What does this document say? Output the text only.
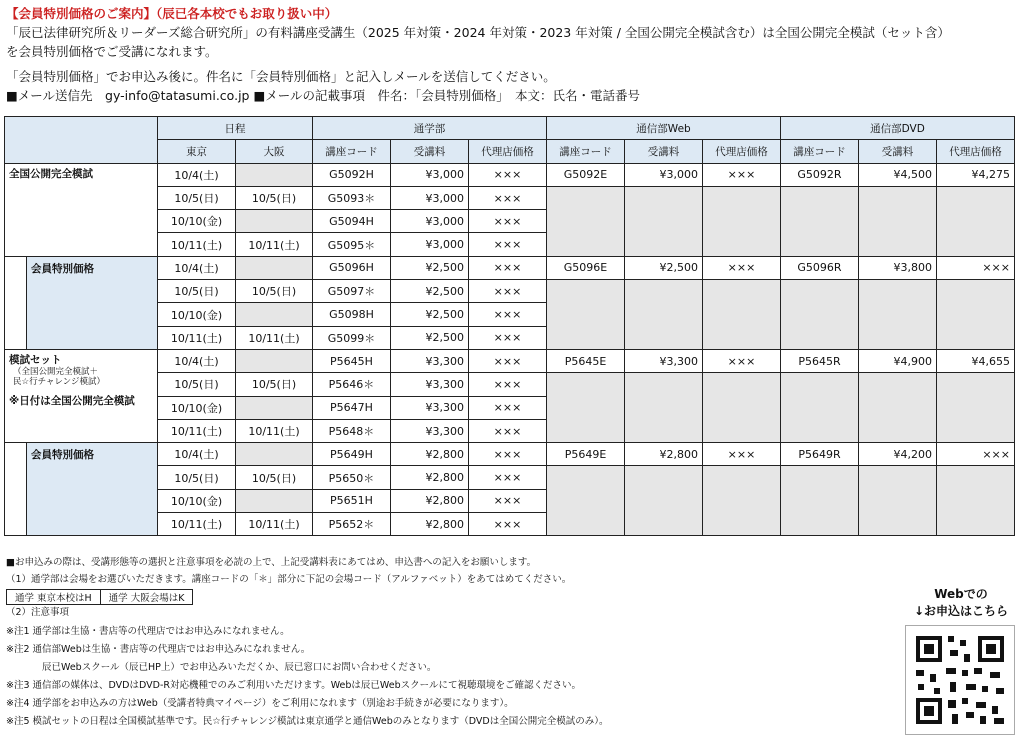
【会員特別価格のご案内】（辰已各本校でもお取り扱い中）
「辰已法律研究所＆リーダーズ総合研究所」の有料講座受講生（2025 年対策・2024 年対策・2023 年対策 / 全国公開完全模試含む）は全国公開完全模試（セット含）
を会員特別価格でご受講になれます。
「会員特別価格」でお申込み後に。件名に「会員特別価格」と記入しメールを送信してください。
■メール送信先　gy-info@tatasumi.co.jp ■メールの記載事項　件名：「会員特別価格」　本文：氏名・電話番号
		日程		通学部			通信部Web			通信部DVD		
		東京	大阪	講座コード	受講料	代理店価格	講座コード	受講料	代理店価格	講座コード	受講料	代理店価格
全国公開完全模試		10/4(土)		G5092H	¥3,000	×××	G5092E	¥3,000	×××	G5092R	¥4,500	¥4,275
		10/5(日)	10/5(日)	G5093＊	¥3,000	×××						
		10/10(金)		G5094H	¥3,000	×××						
		10/11(土)	10/11(土)	G5095＊	¥3,000	×××						
	会員特別価格	10/4(土)		G5096H	¥2,500	×××	G5096E	¥2,500	×××	G5096R	¥3,800	×××
		10/5(日)	10/5(日)	G5097＊	¥2,500	×××						
		10/10(金)		G5098H	¥2,500	×××						
		10/11(土)	10/11(土)	G5099＊	¥2,500	×××						

模試セット
（全国公開完全模試＋
民☆行チャレンジ模試）
※日付は全国公開完全模試		10/4(土)		P5645H	¥3,300	×××	P5645E	¥3,300	×××	P5645R	¥4,900	¥4,655
		10/5(日)	10/5(日)	P5646＊	¥3,300	×××						
		10/10(金)		P5647H	¥3,300	×××						
		10/11(土)	10/11(土)	P5648＊	¥3,300	×××						
	会員特別価格	10/4(土)		P5649H	¥2,800	×××	P5649E	¥2,800	×××	P5649R	¥4,200	×××
		10/5(日)	10/5(日)	P5650＊	¥2,800	×××						
		10/10(金)		P5651H	¥2,800	×××						
		10/11(土)	10/11(土)	P5652＊	¥2,800	×××						
■お申込みの際は、受講形態等の選択と注意事項を必読の上で、上記受講料表にあてはめ、申込書への記入をお願いします。
（1）通学部は会場をお選びいただきます。講座コードの「＊」部分に下記の会場コード（アルファベット）をあてはめてください。
通学 東京本校はH	通学 大阪会場はK
（2）注意事項
※注1 通学部は生協・書店等の代理店ではお申込みになれません。
※注2 通信部Webは生協・書店等の代理店ではお申込みになれません。
辰已Webスクール（辰已HP上）でお申込みいただくか、辰已窓口にお問い合わせください。
※注3 通信部の媒体は、DVDはDVD-R対応機種でのみご利用いただけます。Webは辰已Webスクールにて視聴環境をご確認ください。
※注4 通学部をお申込みの方はWeb（受講者特典マイページ）をご利用になれます（別途お手続きが必要になります）。
※注5 模試セットの日程は全国模試基準です。民☆行チャレンジ模試は東京通学と通信Webのみとなります（DVDは全国公開完全模試のみ）。
Webでの
↓お申込はこちら
